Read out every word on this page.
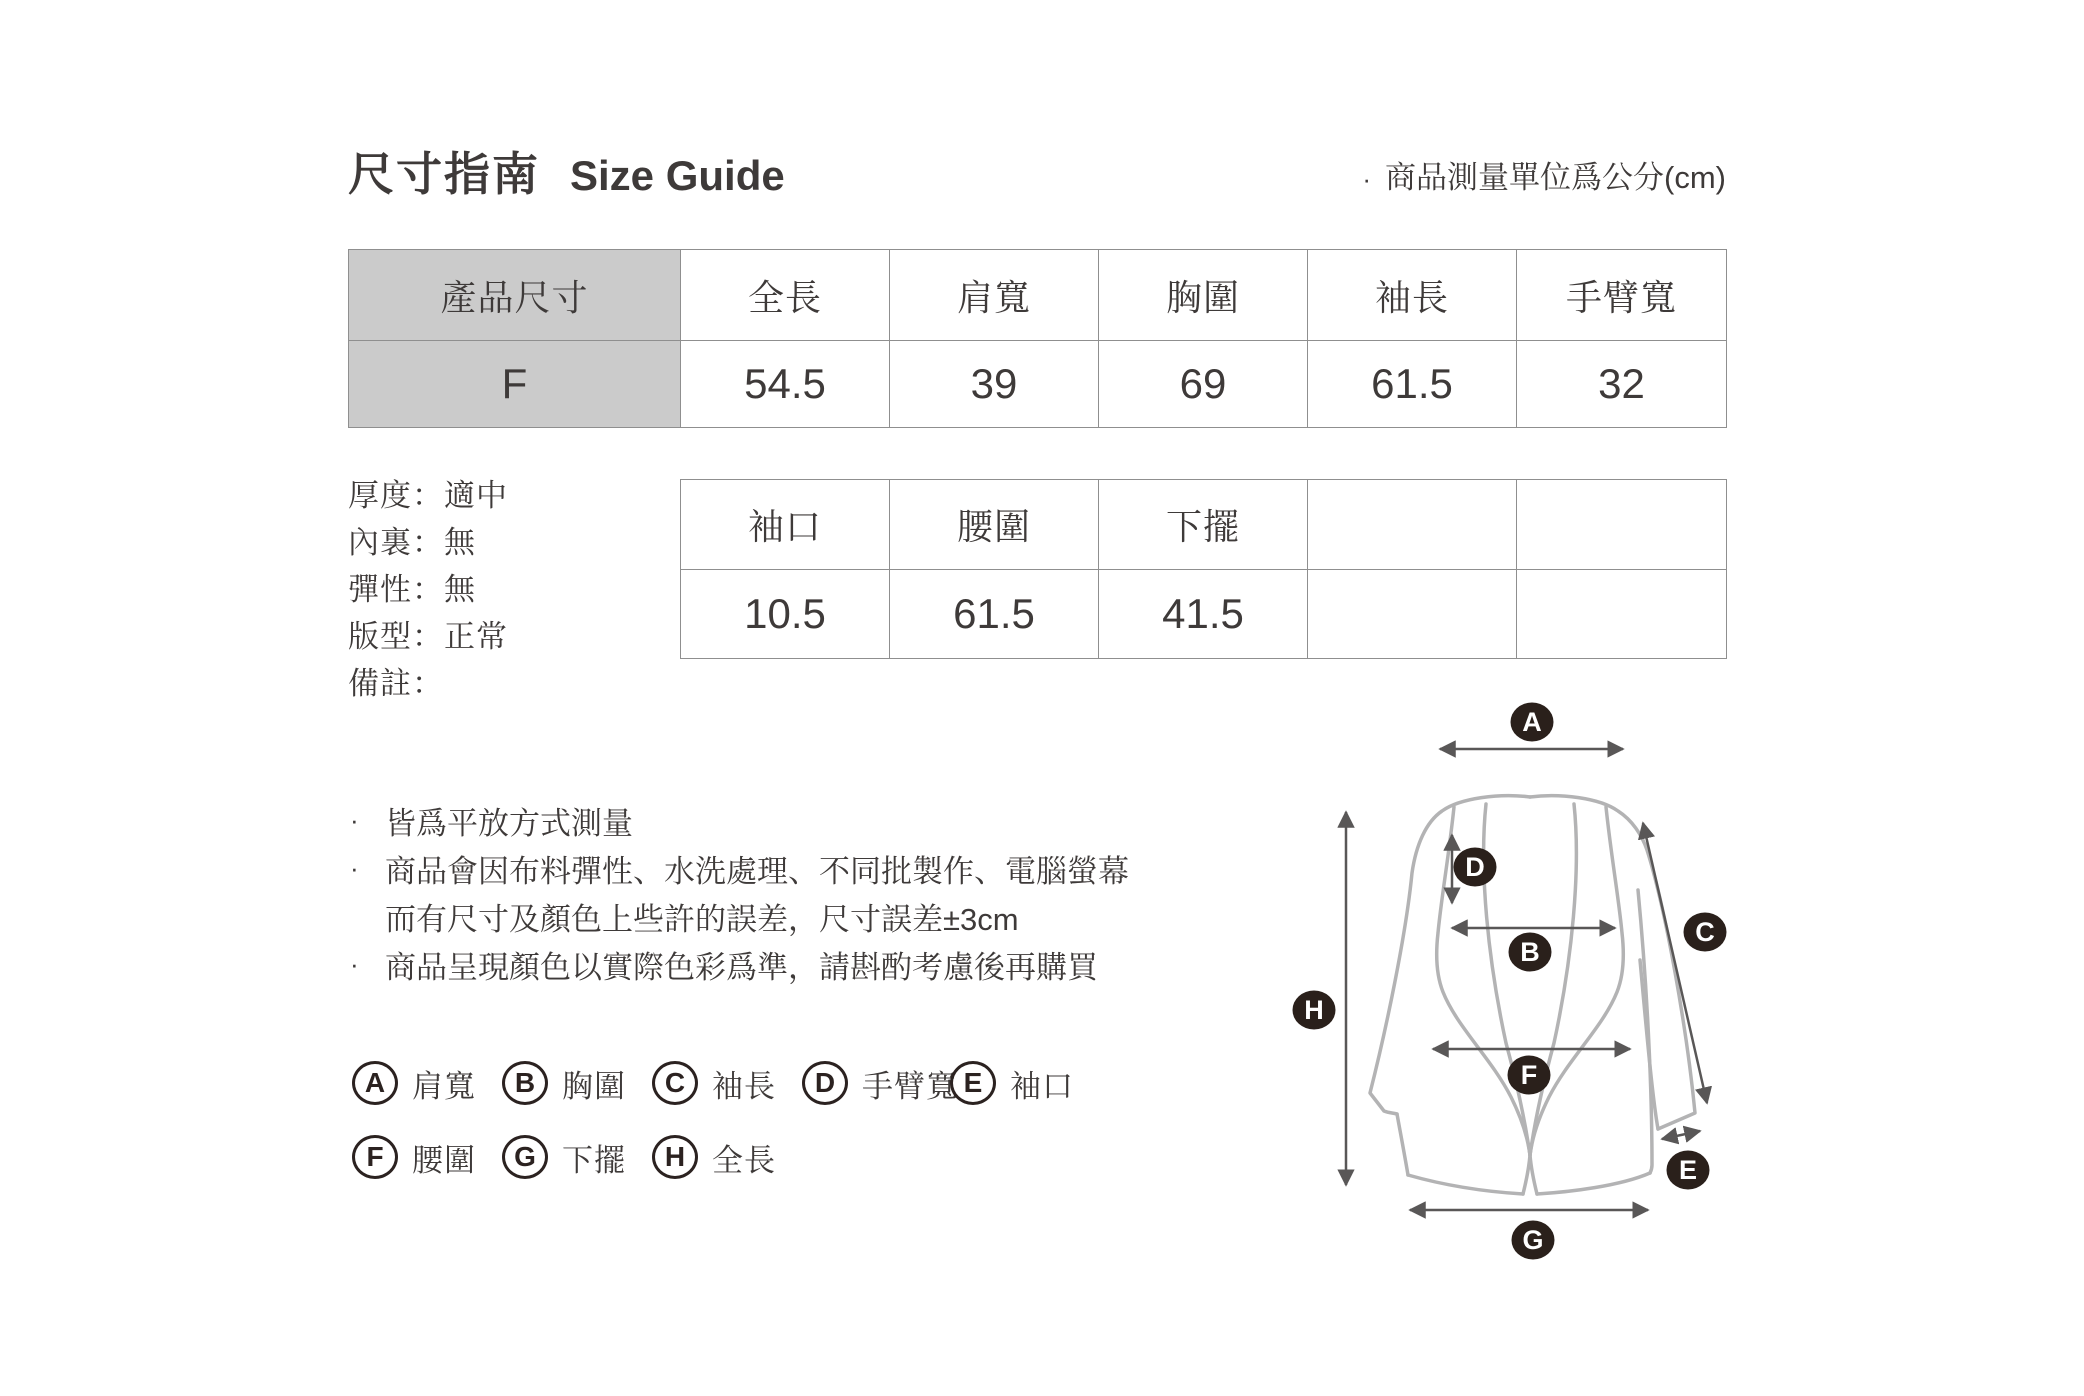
尺寸指南 Size Guide	· 商品測量單位爲公分(cm)
產品尺寸	全長	肩寬	胸圍	袖長	手臂寬
F	54.5	39	69	61.5	32
袖口	腰圍	下擺
10.5	61.5	41.5
厚度：適中
內裏：無
彈性：無
版型：正常
備註：
· 皆爲平放方式測量
· 商品會因布料彈性、水洗處理、不同批製作、電腦螢幕
而有尺寸及顏色上些許的誤差，尺寸誤差±3cm
· 商品呈現顏色以實際色彩爲準，請斟酌考慮後再購買
A 肩寬	B 胸圍	C 袖長	D 手臂寬 E 袖口
F 腰圍	G 下擺	H 全長
A
B
C
D
E
F
G
H
